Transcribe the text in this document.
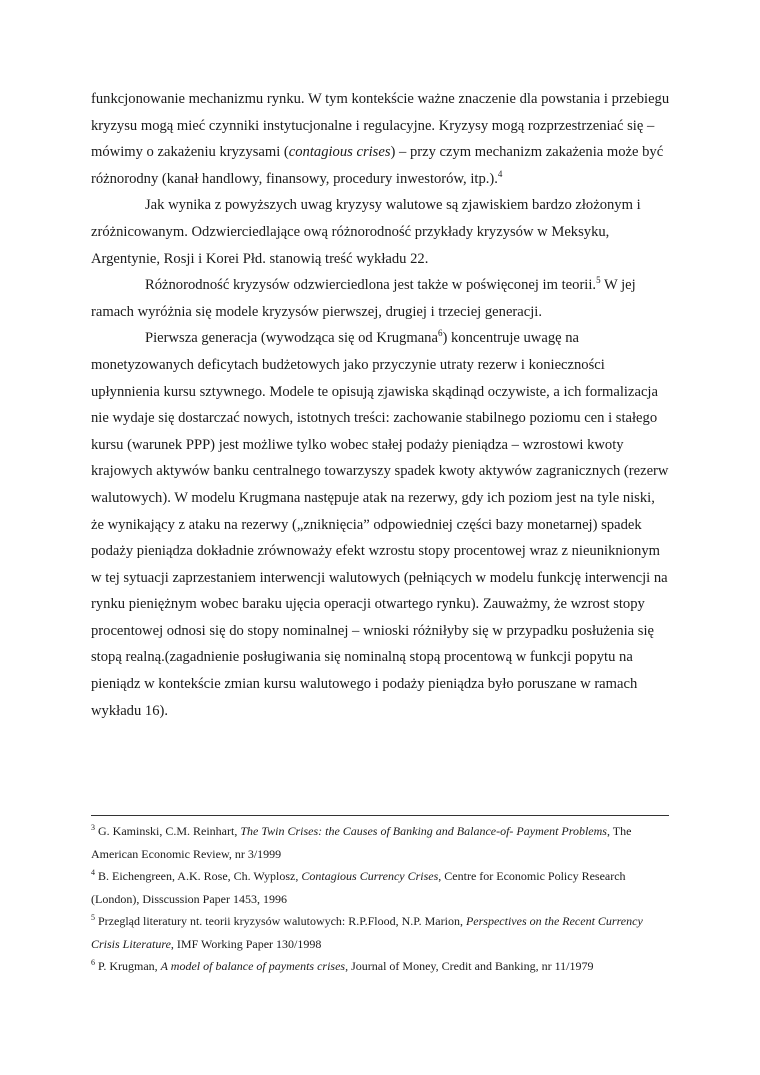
funkcjonowanie mechanizmu rynku. W tym kontekście ważne znaczenie dla powstania i przebiegu kryzysu mogą mieć czynniki instytucjonalne i regulacyjne. Kryzysy mogą rozprzestrzeniać się – mówimy o zakażeniu kryzysami (contagious crises) – przy czym mechanizm zakażenia może być różnorodny (kanał handlowy, finansowy, procedury inwestorów, itp.).$^4$

Jak wynika z powyższych uwag kryzysy walutowe są zjawiskiem bardzo złożonym i zróżnicowanym. Odzwierciedlające ową różnorodność przykłady kryzysów w Meksyku, Argentynie, Rosji i Korei Płd. stanowią treść wykładu 22.

Różnorodność kryzysów odzwierciedlona jest także w poświęconej im teorii.$^5$ W jej ramach wyróżnia się modele kryzysów pierwszej, drugiej i trzeciej generacji.

Pierwsza generacja (wywodząca się od Krugmana$^6$) koncentruje uwagę na monetyzowanych deficytach budżetowych jako przyczynie utraty rezerw i konieczności upłynnienia kursu sztywnego. Modele te opisują zjawiska skądinąd oczywiste, a ich formalizacja nie wydaje się dostarczać nowych, istotnych treści: zachowanie stabilnego poziomu cen i stałego kursu (warunek PPP) jest możliwe tylko wobec stałej podaży pieniądza – wzrostowi kwoty krajowych aktywów banku centralnego towarzyszy spadek kwoty aktywów zagranicznych (rezerw walutowych). W modelu Krugmana następuje atak na rezerwy, gdy ich poziom jest na tyle niski, że wynikający z ataku na rezerwy („zniknięcia” odpowiedniej części bazy monetarnej) spadek podaży pieniądza dokładnie zrównoważy efekt wzrostu stopy procentowej wraz z nieuniknionym w tej sytuacji zaprzestaniem interwencji walutowych (pełniących w modelu funkcję interwencji na rynku pieniężnym wobec baraku ujęcia operacji otwartego rynku). Zauważmy, że wzrost stopy procentowej odnosi się do stopy nominalnej – wnioski różniłyby się w przypadku posłużenia się stopą realną.(zagadnienie posługiwania się nominalną stopą procentową w funkcji popytu na pieniądz w kontekście zmian kursu walutowego i podaży pieniądza było poruszane w ramach wykładu 16).

$^3$ G. Kaminski, C.M. Reinhart, The Twin Crises: the Causes of Banking and Balance-of- Payment Problems, The American Economic Review, nr 3/1999

$^4$ B. Eichengreen, A.K. Rose, Ch. Wyplosz, Contagious Currency Crises, Centre for Economic Policy Research (London), Disscussion Paper 1453, 1996

$^5$ Przegląd literatury nt. teorii kryzysów walutowych: R.P.Flood, N.P. Marion, Perspectives on the Recent Currency Crisis Literature, IMF Working Paper 130/1998

$^6$ P. Krugman, A model of balance of payments crises, Journal of Money, Credit and Banking, nr 11/1979
